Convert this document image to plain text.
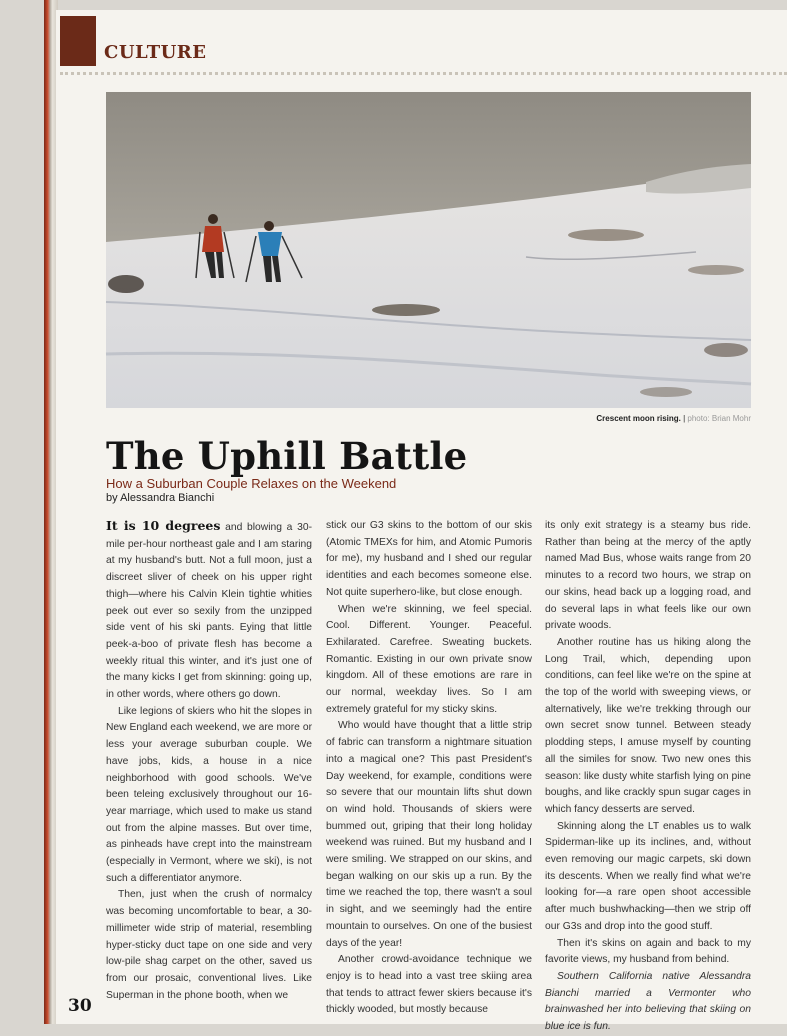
CULTURE
Crescent moon rising. | photo: Brian Mohr
The Uphill Battle
How a Suburban Couple Relaxes on the Weekend
by Alessandra Bianchi

It is 10 degrees and blowing a 30-mile per-hour northeast gale and I am staring at my husband's butt. Not a full moon, just a discreet sliver of cheek on his upper right thigh—where his Calvin Klein tightie whities peek out ever so sexily from the unzipped side vent of his ski pants. Eying that little peek-a-boo of private flesh has become a weekly ritual this winter, and it's just one of the many kicks I get from skinning: going up, in other words, where others go down.

Like legions of skiers who hit the slopes in New England each weekend, we are more or less your average suburban couple. We have jobs, kids, a house in a nice neighborhood with good schools. We've been teleing exclusively throughout our 16-year marriage, which used to make us stand out from the alpine masses. But over time, as pinheads have crept into the mainstream (especially in Vermont, where we ski), is not such a differentiator anymore.

Then, just when the crush of normalcy was becoming uncomfortable to bear, a 30-millimeter wide strip of material, resembling hyper-sticky duct tape on one side and very low-pile shag carpet on the other, saved us from our prosaic, conventional lives. Like Superman in the phone booth, when we

stick our G3 skins to the bottom of our skis (Atomic TMEXs for him, and Atomic Pumoris for me), my husband and I shed our regular identities and each becomes someone else. Not quite superhero-like, but close enough.

When we're skinning, we feel special. Cool. Different. Younger. Peaceful. Exhilarated. Carefree. Sweating buckets. Romantic. Existing in our own private snow kingdom. All of these emotions are rare in our normal, weekday lives. So I am extremely grateful for my sticky skins.

Who would have thought that a little strip of fabric can transform a nightmare situation into a magical one? This past President's Day weekend, for example, conditions were so severe that our mountain lifts shut down on wind hold. Thousands of skiers were bummed out, griping that their long holiday weekend was ruined. But my husband and I were smiling. We strapped on our skins, and began walking on our skis up a run. By the time we reached the top, there wasn't a soul in sight, and we seemingly had the entire mountain to ourselves. On one of the busiest days of the year!

Another crowd-avoidance technique we enjoy is to head into a vast tree skiing area that tends to attract fewer skiers because it's thickly wooded, but mostly because

its only exit strategy is a steamy bus ride. Rather than being at the mercy of the aptly named Mad Bus, whose waits range from 20 minutes to a record two hours, we strap on our skins, head back up a logging road, and do several laps in what feels like our own private woods.

Another routine has us hiking along the Long Trail, which, depending upon conditions, can feel like we're on the spine at the top of the world with sweeping views, or alternatively, like we're trekking through our own secret snow tunnel. Between steady plodding steps, I amuse myself by counting all the similes for snow. Two new ones this season: like dusty white starfish lying on pine boughs, and like crackly spun sugar cages in which fancy desserts are served.

Skinning along the LT enables us to walk Spiderman-like up its inclines, and, without even removing our magic carpets, ski down its descents. When we really find what we're looking for—a rare open shoot accessible after much bushwhacking—then we strip off our G3s and drop into the good stuff.

Then it's skins on again and back to my favorite views, my husband from behind.

Southern California native Alessandra Bianchi married a Vermonter who brainwashed her into believing that skiing on blue ice is fun.

30
